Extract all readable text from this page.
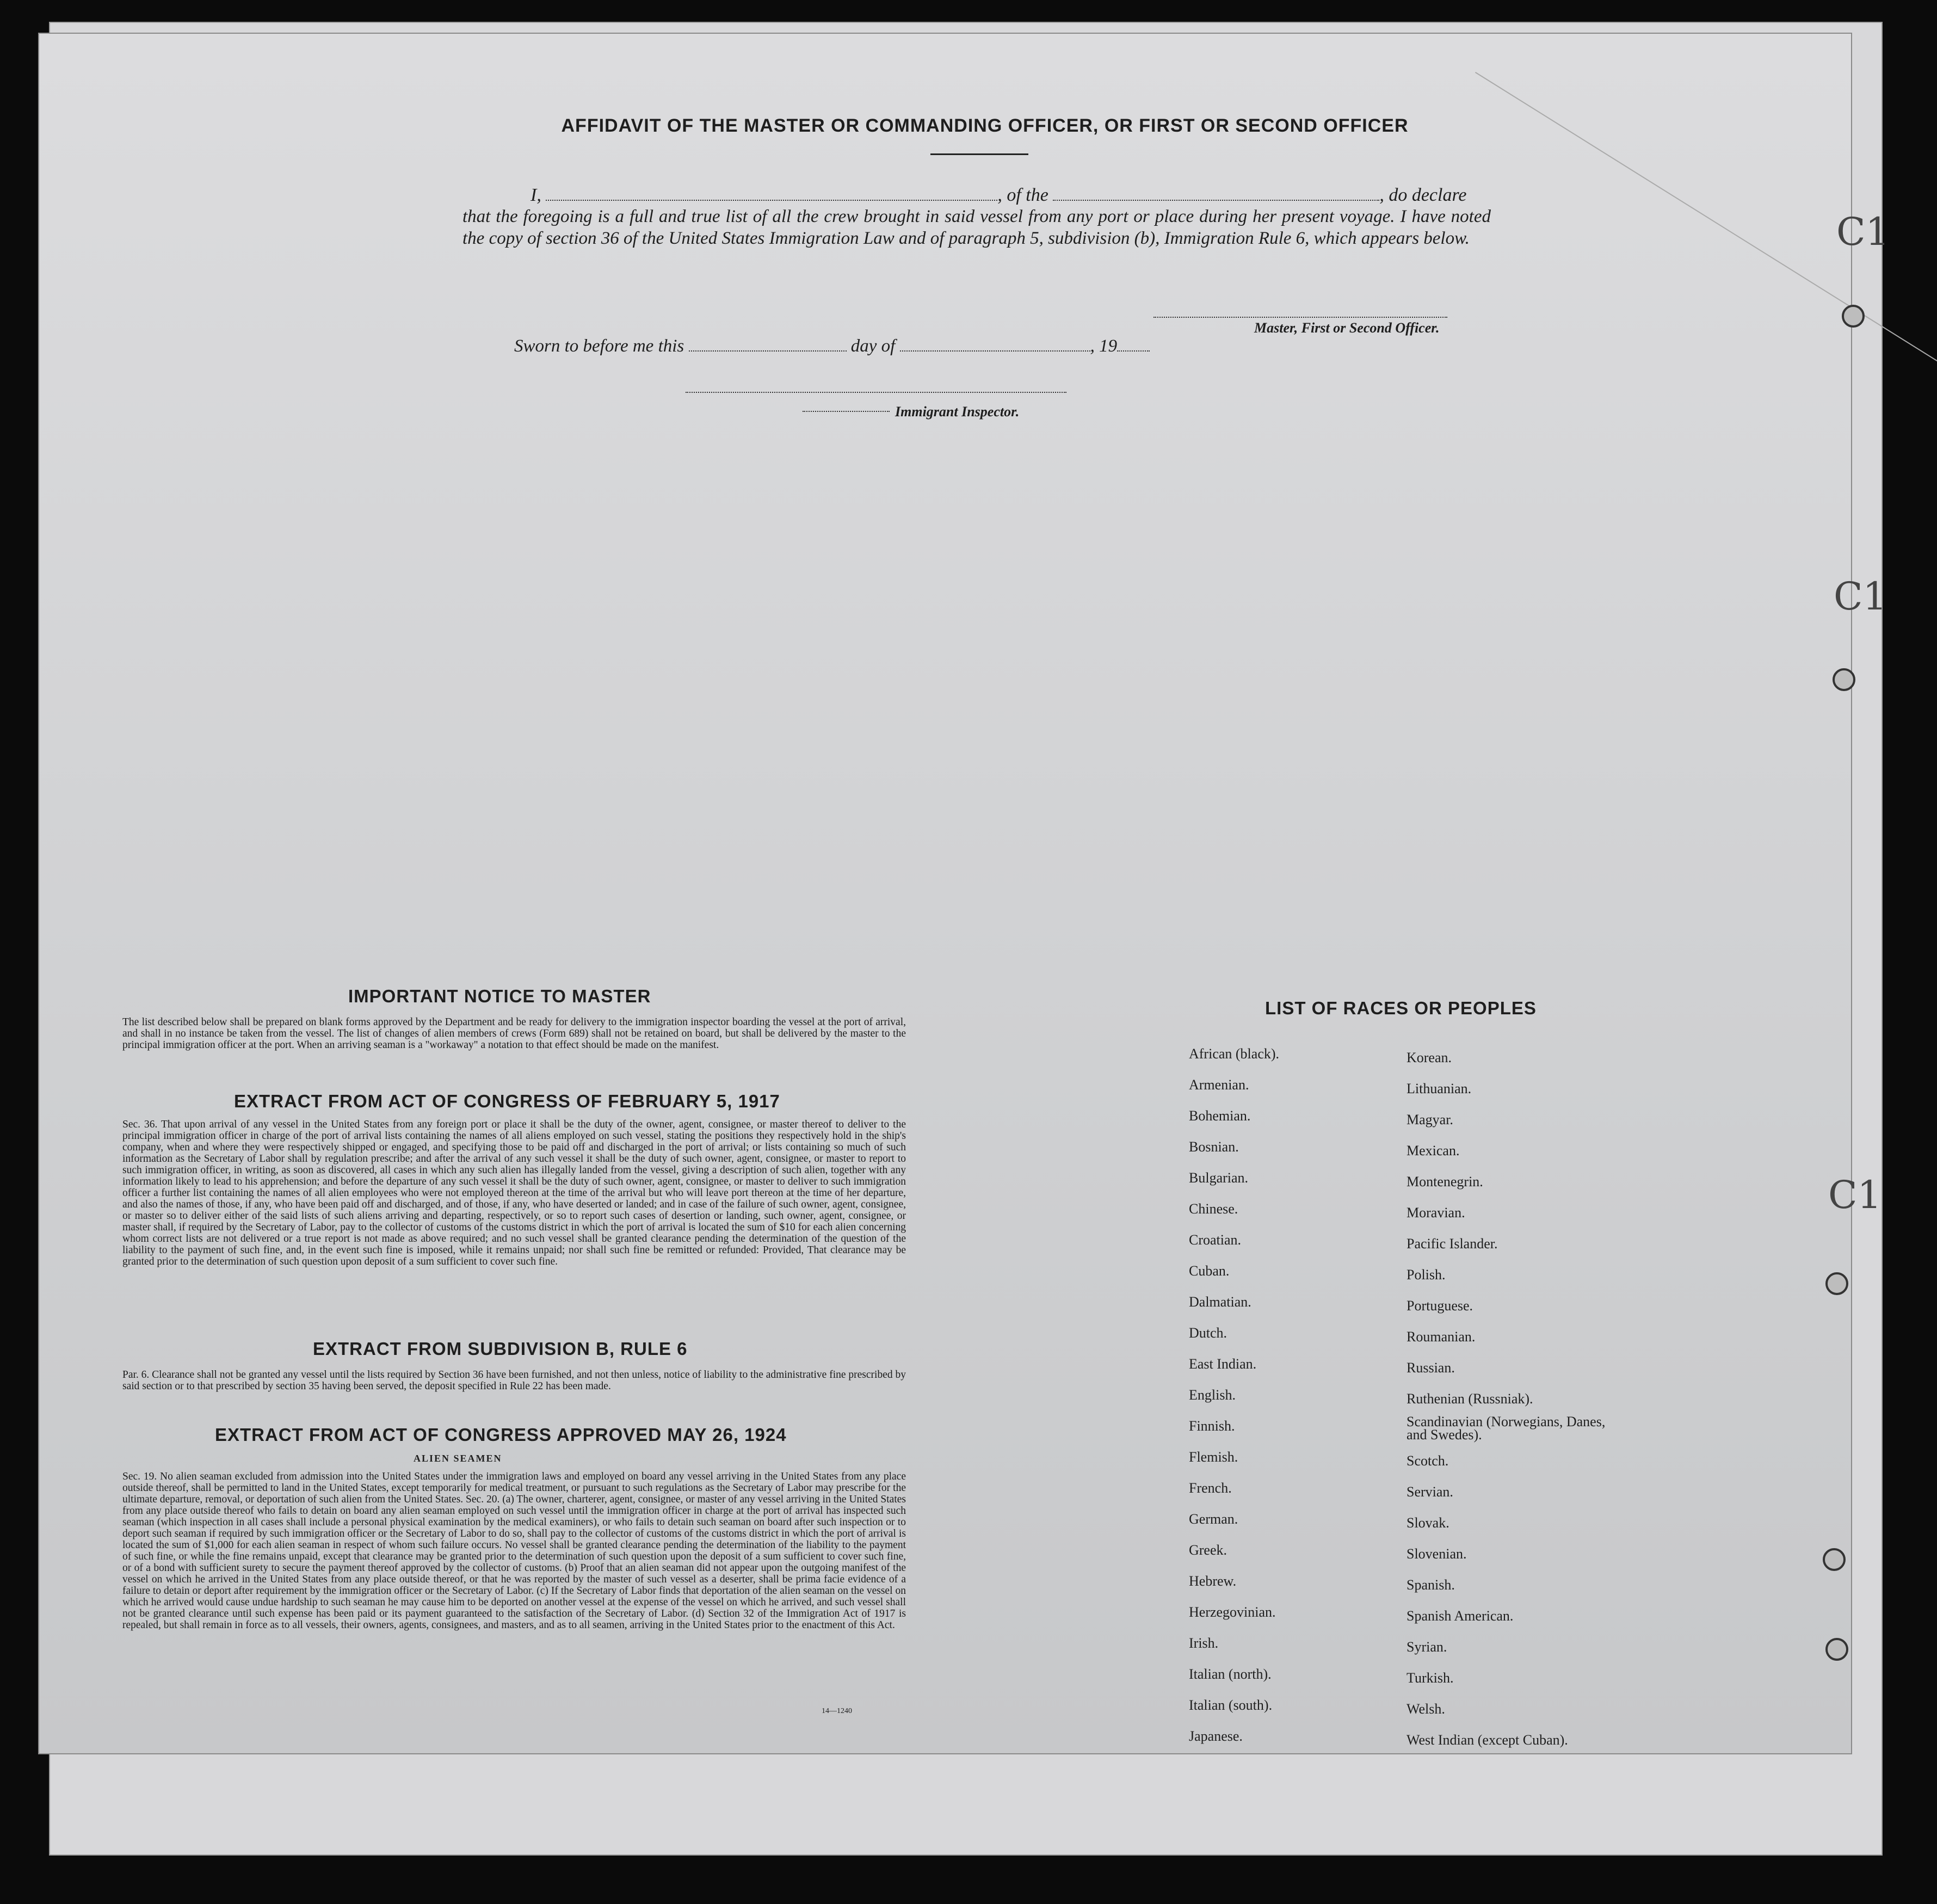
AFFIDAVIT OF THE MASTER OR COMMANDING OFFICER, OR FIRST OR SECOND OFFICER
I,	, of the	, do declare
that the foregoing is a full and true list of all the crew brought in said vessel from any port or place during her present voyage. I have noted the copy of section 36 of the United States Immigration Law and of paragraph 5, subdivision (b), Immigration Rule 6, which appears below.
Master, First or Second Officer.
Sworn to before me this	day of	, 19
Immigrant Inspector.
IMPORTANT NOTICE TO MASTER
The list described below shall be prepared on blank forms approved by the Department and be ready for delivery to the immigration inspector boarding the vessel at the port of arrival, and shall in no instance be taken from the vessel. The list of changes of alien members of crews (Form 689) shall not be retained on board, but shall be delivered by the master to the principal immigration officer at the port. When an arriving seaman is a "workaway" a notation to that effect should be made on the manifest.
EXTRACT FROM ACT OF CONGRESS OF FEBRUARY 5, 1917
Sec. 36. That upon arrival of any vessel in the United States from any foreign port or place it shall be the duty of the owner, agent, consignee, or master thereof to deliver to the principal immigration officer in charge of the port of arrival lists containing the names of all aliens employed on such vessel, stating the positions they respectively hold in the ship's company, when and where they were respectively shipped or engaged, and specifying those to be paid off and discharged in the port of arrival; or lists containing so much of such information as the Secretary of Labor shall by regulation prescribe; and after the arrival of any such vessel it shall be the duty of such owner, agent, consignee, or master to report to such immigration officer, in writing, as soon as discovered, all cases in which any such alien has illegally landed from the vessel, giving a description of such alien, together with any information likely to lead to his apprehension; and before the departure of any such vessel it shall be the duty of such owner, agent, consignee, or master to deliver to such immigration officer a further list containing the names of all alien employees who were not employed thereon at the time of the arrival but who will leave port thereon at the time of her departure, and also the names of those, if any, who have been paid off and discharged, and of those, if any, who have deserted or landed; and in case of the failure of such owner, agent, consignee, or master so to deliver either of the said lists of such aliens arriving and departing, respectively, or so to report such cases of desertion or landing, such owner, agent, consignee, or master shall, if required by the Secretary of Labor, pay to the collector of customs of the customs district in which the port of arrival is located the sum of $10 for each alien concerning whom correct lists are not delivered or a true report is not made as above required; and no such vessel shall be granted clearance pending the determination of the question of the liability to the payment of such fine, and, in the event such fine is imposed, while it remains unpaid; nor shall such fine be remitted or refunded: Provided, That clearance may be granted prior to the determination of such question upon deposit of a sum sufficient to cover such fine.
EXTRACT FROM SUBDIVISION B, RULE 6
Par. 6. Clearance shall not be granted any vessel until the lists required by Section 36 have been furnished, and not then unless, notice of liability to the administrative fine prescribed by said section or to that prescribed by section 35 having been served, the deposit specified in Rule 22 has been made.
EXTRACT FROM ACT OF CONGRESS APPROVED MAY 26, 1924
ALIEN SEAMEN
Sec. 19. No alien seaman excluded from admission into the United States under the immigration laws and employed on board any vessel arriving in the United States from any place outside thereof, shall be permitted to land in the United States, except temporarily for medical treatment, or pursuant to such regulations as the Secretary of Labor may prescribe for the ultimate departure, removal, or deportation of such alien from the United States. Sec. 20. (a) The owner, charterer, agent, consignee, or master of any vessel arriving in the United States from any place outside thereof who fails to detain on board any alien seaman employed on such vessel until the immigration officer in charge at the port of arrival has inspected such seaman (which inspection in all cases shall include a personal physical examination by the medical examiners), or who fails to detain such seaman on board after such inspection or to deport such seaman if required by such immigration officer or the Secretary of Labor to do so, shall pay to the collector of customs of the customs district in which the port of arrival is located the sum of $1,000 for each alien seaman in respect of whom such failure occurs. No vessel shall be granted clearance pending the determination of the liability to the payment of such fine, or while the fine remains unpaid, except that clearance may be granted prior to the determination of such question upon the deposit of a sum sufficient to cover such fine, or of a bond with sufficient surety to secure the payment thereof approved by the collector of customs. (b) Proof that an alien seaman did not appear upon the outgoing manifest of the vessel on which he arrived in the United States from any place outside thereof, or that he was reported by the master of such vessel as a deserter, shall be prima facie evidence of a failure to detain or deport after requirement by the immigration officer or the Secretary of Labor. (c) If the Secretary of Labor finds that deportation of the alien seaman on the vessel on which he arrived would cause undue hardship to such seaman he may cause him to be deported on another vessel at the expense of the vessel on which he arrived, and such vessel shall not be granted clearance until such expense has been paid or its payment guaranteed to the satisfaction of the Secretary of Labor. (d) Section 32 of the Immigration Act of 1917 is repealed, but shall remain in force as to all vessels, their owners, agents, consignees, and masters, and as to all seamen, arriving in the United States prior to the enactment of this Act.
14—1240
LIST OF RACES OR PEOPLES
African (black).
Armenian.
Bohemian.
Bosnian.
Bulgarian.
Chinese.
Croatian.
Cuban.
Dalmatian.
Dutch.
East Indian.
English.
Finnish.
Flemish.
French.
German.
Greek.
Hebrew.
Herzegovinian.
Irish.
Italian (north).
Italian (south).
Japanese.
Korean.
Lithuanian.
Magyar.
Mexican.
Montenegrin.
Moravian.
Pacific Islander.
Polish.
Portuguese.
Roumanian.
Russian.
Ruthenian (Russniak).
Scandinavian (Norwegians, Danes, and Swedes).
Scotch.
Servian.
Slovak.
Slovenian.
Spanish.
Spanish American.
Syrian.
Turkish.
Welsh.
West Indian (except Cuban).
C1
C1
C1
